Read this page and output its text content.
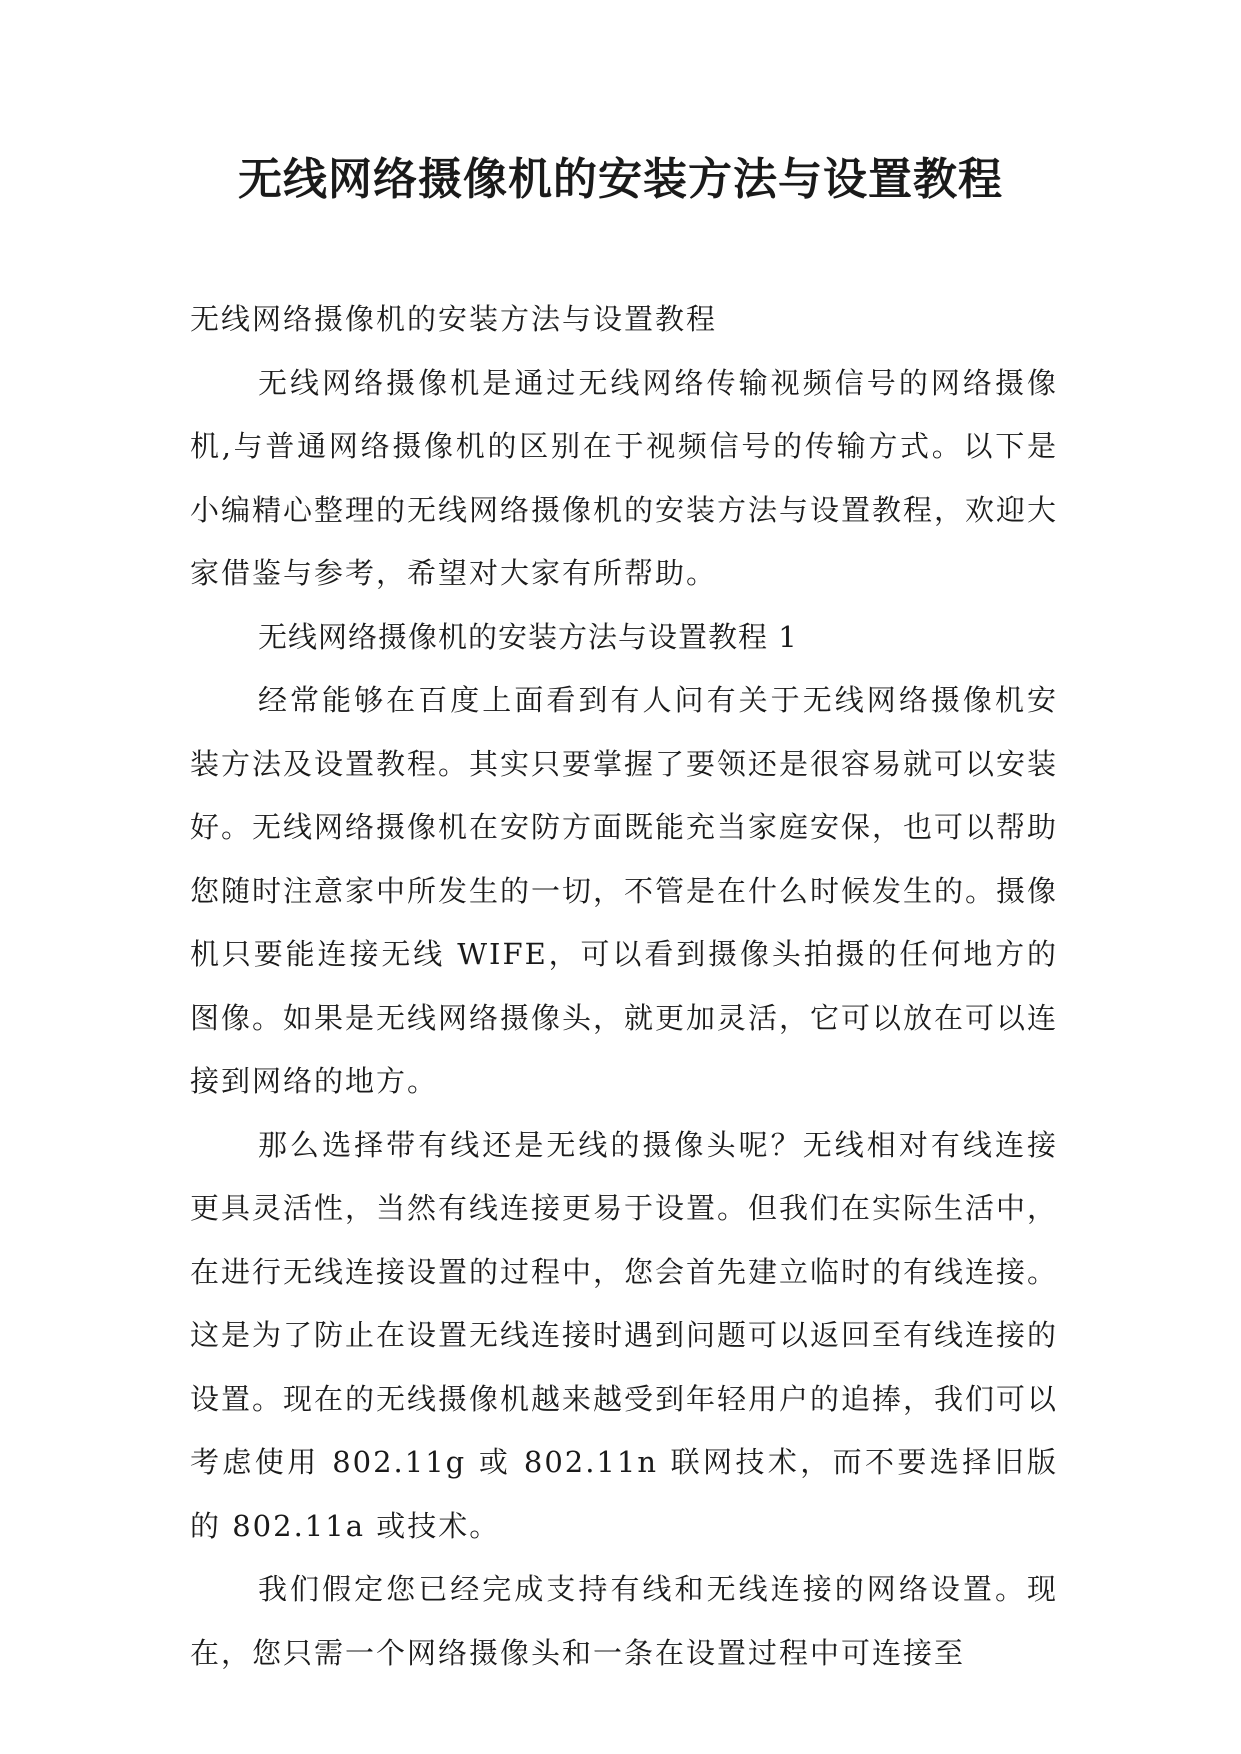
无线网络摄像机的安装方法与设置教程

无线网络摄像机的安装方法与设置教程

无线网络摄像机是通过无线网络传输视频信号的网络摄像机,与普通网络摄像机的区别在于视频信号的传输方式。以下是小编精心整理的无线网络摄像机的安装方法与设置教程，欢迎大家借鉴与参考，希望对大家有所帮助。

无线网络摄像机的安装方法与设置教程 1

经常能够在百度上面看到有人问有关于无线网络摄像机安装方法及设置教程。其实只要掌握了要领还是很容易就可以安装好。无线网络摄像机在安防方面既能充当家庭安保，也可以帮助您随时注意家中所发生的一切，不管是在什么时候发生的。摄像机只要能连接无线 WIFE，可以看到摄像头拍摄的任何地方的图像。如果是无线网络摄像头，就更加灵活，它可以放在可以连接到网络的地方。

那么选择带有线还是无线的摄像头呢？无线相对有线连接更具灵活性，当然有线连接更易于设置。但我们在实际生活中，在进行无线连接设置的过程中，您会首先建立临时的有线连接。这是为了防止在设置无线连接时遇到问题可以返回至有线连接的设置。现在的无线摄像机越来越受到年轻用户的追捧，我们可以考虑使用 802.11g 或 802.11n 联网技术，而不要选择旧版的 802.11a 或技术。

我们假定您已经完成支持有线和无线连接的网络设置。现在，您只需一个网络摄像头和一条在设置过程中可连接至
